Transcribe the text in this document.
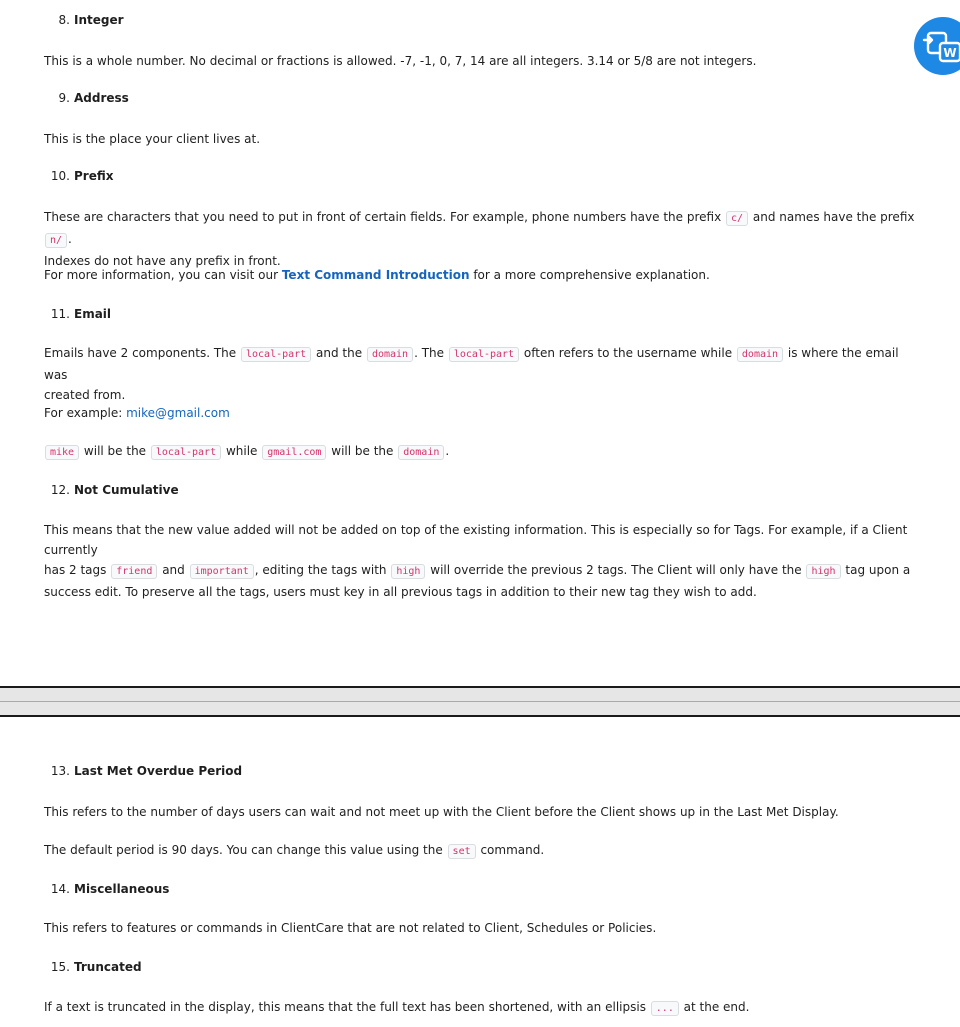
W
8. Integer
This is a whole number. No decimal or fractions is allowed. -7, -1, 0, 7, 14 are all integers. 3.14 or 5/8 are not integers.
9. Address
This is the place your client lives at.
10. Prefix
These are characters that you need to put in front of certain fields. For example, phone numbers have the prefix c/ and names have the prefix n/ .
Indexes do not have any prefix in front.
For more information, you can visit our Text Command Introduction for a more comprehensive explanation.
11. Email
Emails have 2 components. The local-part and the domain . The local-part often refers to the username while domain is where the email was
created from.
For example: mike@gmail.com
mike will be the local-part while gmail.com will be the domain .
12. Not Cumulative
This means that the new value added will not be added on top of the existing information. This is especially so for Tags. For example, if a Client currently
has 2 tags friend and important , editing the tags with high will override the previous 2 tags. The Client will only have the high tag upon a
success edit. To preserve all the tags, users must key in all previous tags in addition to their new tag they wish to add.
13. Last Met Overdue Period
This refers to the number of days users can wait and not meet up with the Client before the Client shows up in the Last Met Display.
The default period is 90 days. You can change this value using the set command.
14. Miscellaneous
This refers to features or commands in ClientCare that are not related to Client, Schedules or Policies.
15. Truncated
If a text is truncated in the display, this means that the full text has been shortened, with an ellipsis ... at the end.
